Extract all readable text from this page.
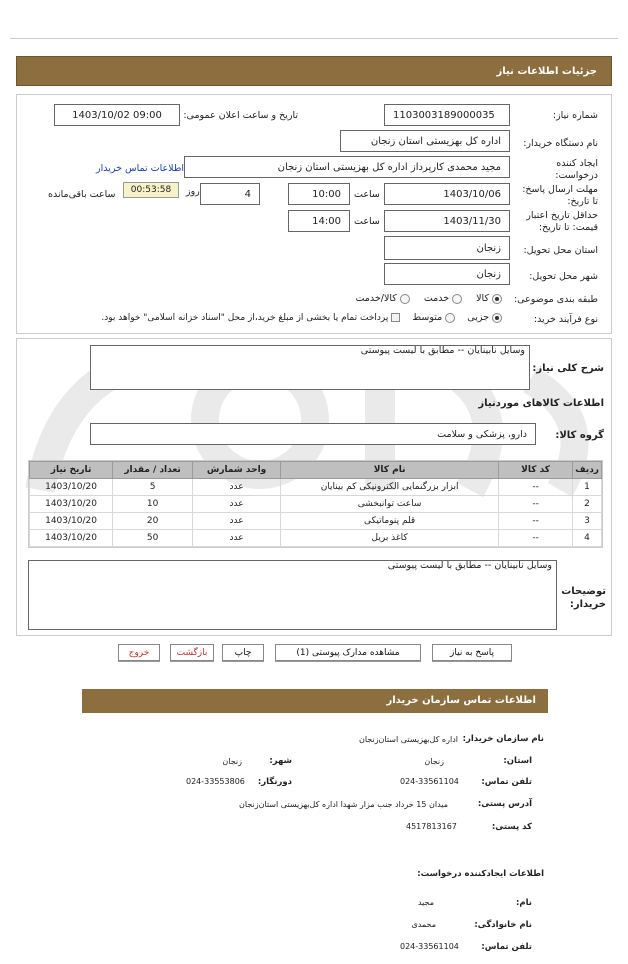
جزئیات اطلاعات نیاز
شماره نیاز:
1103003189000035
تاریخ و ساعت اعلان عمومی:
1403/10/02 09:00
نام دستگاه خریدار:
اداره کل بهزیستی استان زنجان
ایجاد کننده درخواست:
مجید محمدی کارپرداز اداره کل بهزیستی استان زنجان
اطلاعات تماس خریدار
مهلت ارسال پاسخ: تا تاریخ:
1403/10/06
ساعت
10:00
4
روز
00:53:58
ساعت باقی‌مانده
حداقل تاریخ اعتبار قیمت: تا تاریخ:
1403/11/30
ساعت
14:00
استان محل تحویل:
زنجان
شهر محل تحویل:
زنجان
طبقه بندی موضوعی:
کالا
خدمت
کالا/خدمت
نوع فرآیند خرید:
جزیی
متوسط
پرداخت تمام یا بخشی از مبلغ خرید،از محل "اسناد خزانه اسلامی" خواهد بود.
شرح کلی نیاز:
وسایل نابینایان -- مطابق با لیست پیوستی
اطلاعات کالاهای موردنیاز
گروه کالا:
دارو، پزشکی و سلامت
ردیف	کد کالا	نام کالا	واحد شمارش	تعداد / مقدار	تاریخ نیاز
1	--	ابزار بزرگنمایی الکترونیکی کم بینایان	عدد	5	1403/10/20
2	--	ساعت توانبخشی	عدد	10	1403/10/20
3	--	قلم پنوماتیکی	عدد	20	1403/10/20
4	--	کاغذ بریل	عدد	50	1403/10/20
وسایل نابینایان -- مطابق با لیست پیوستی
توضیحات خریدار:
پاسخ به نیاز
مشاهده مدارک پیوستی (1)
چاپ
بازگشت
خروج
اطلاعات تماس سازمان خریدار
نام سازمان خریدار:
اداره کل‌بهزیستی استان‌زنجان
استان:
زنجان
شهر:
زنجان
تلفن تماس:
024-33561104
دورنگار:
024-33553806
آدرس پستی:
میدان 15 خرداد جنب مزار شهدا اداره کل‌بهزیستی استان‌زنجان
کد پستی:
4517813167
اطلاعات ایجادکننده درخواست:
نام:
مجید
نام خانوادگی:
محمدی
تلفن تماس:
024-33561104
